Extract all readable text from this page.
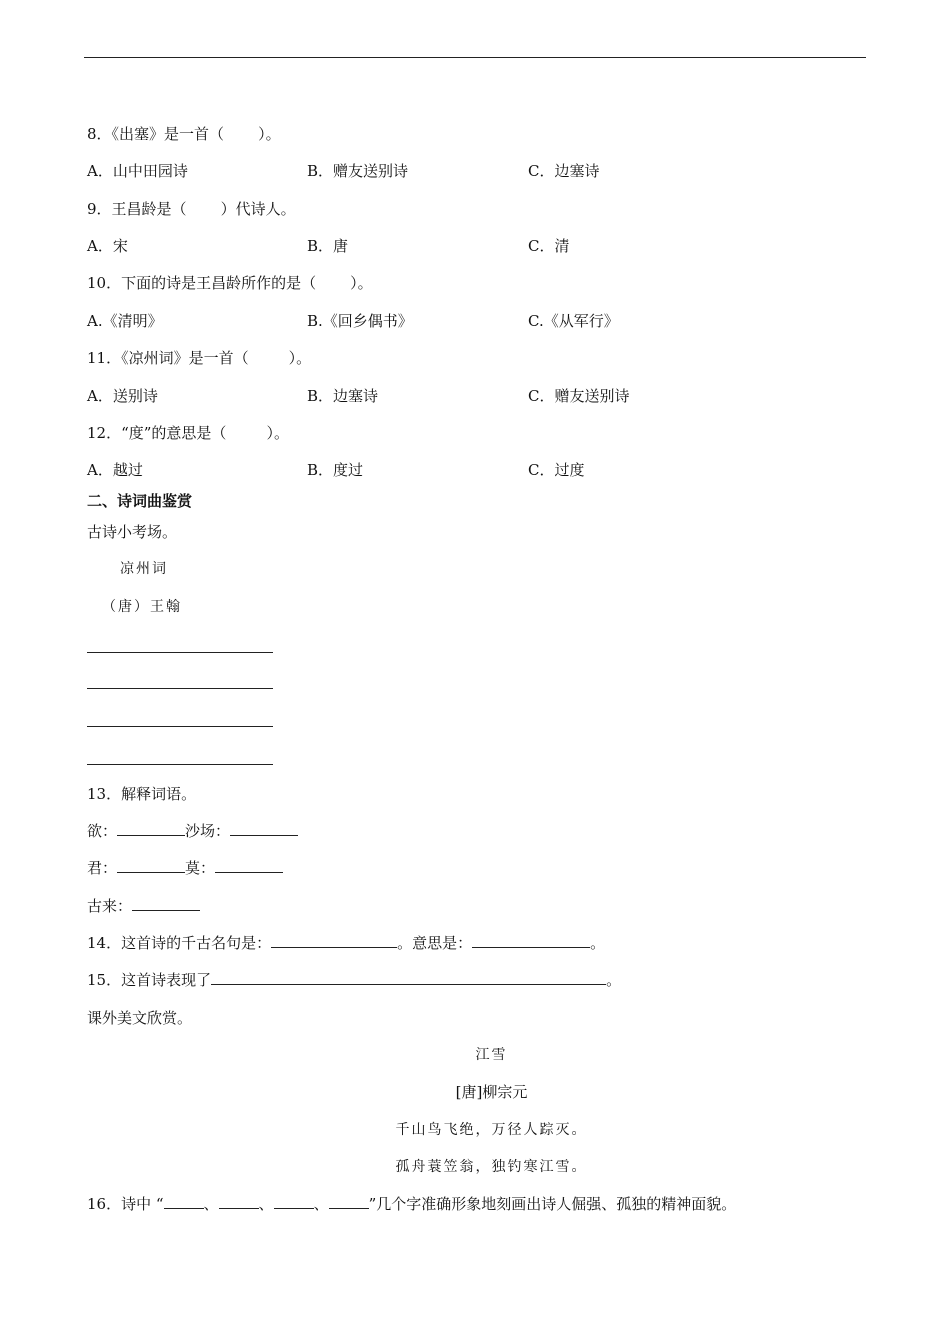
8．《出塞》是一首（ ）。
A．山中田园诗	B．赠友送别诗	C．边塞诗
9．王昌龄是（ ）代诗人。
A．宋	B．唐	C．清
10．下面的诗是王昌龄所作的是（ ）。
A.《清明》	B.《回乡偶书》	C.《从军行》
11．《凉州词》是一首（	）。
A．送别诗	B．边塞诗	C．赠友送别诗
12．“度”的意思是（	）。
A．越过	B．度过	C．过度
二、诗词曲鉴赏
古诗小考场。
凉州词
（唐）王翰
13．解释词语。
欲：	沙场：
君：	莫：
古来：
14．这首诗的千古名句是：	。意思是：	。
15．这首诗表现了	。
课外美文欣赏。
江雪
[唐]柳宗元
千山鸟飞绝，万径人踪灭。
孤舟蓑笠翁，独钓寒江雪。
16．诗中 “	、	、	、	”几个字准确形象地刻画出诗人倔强、孤独的精神面貌。
